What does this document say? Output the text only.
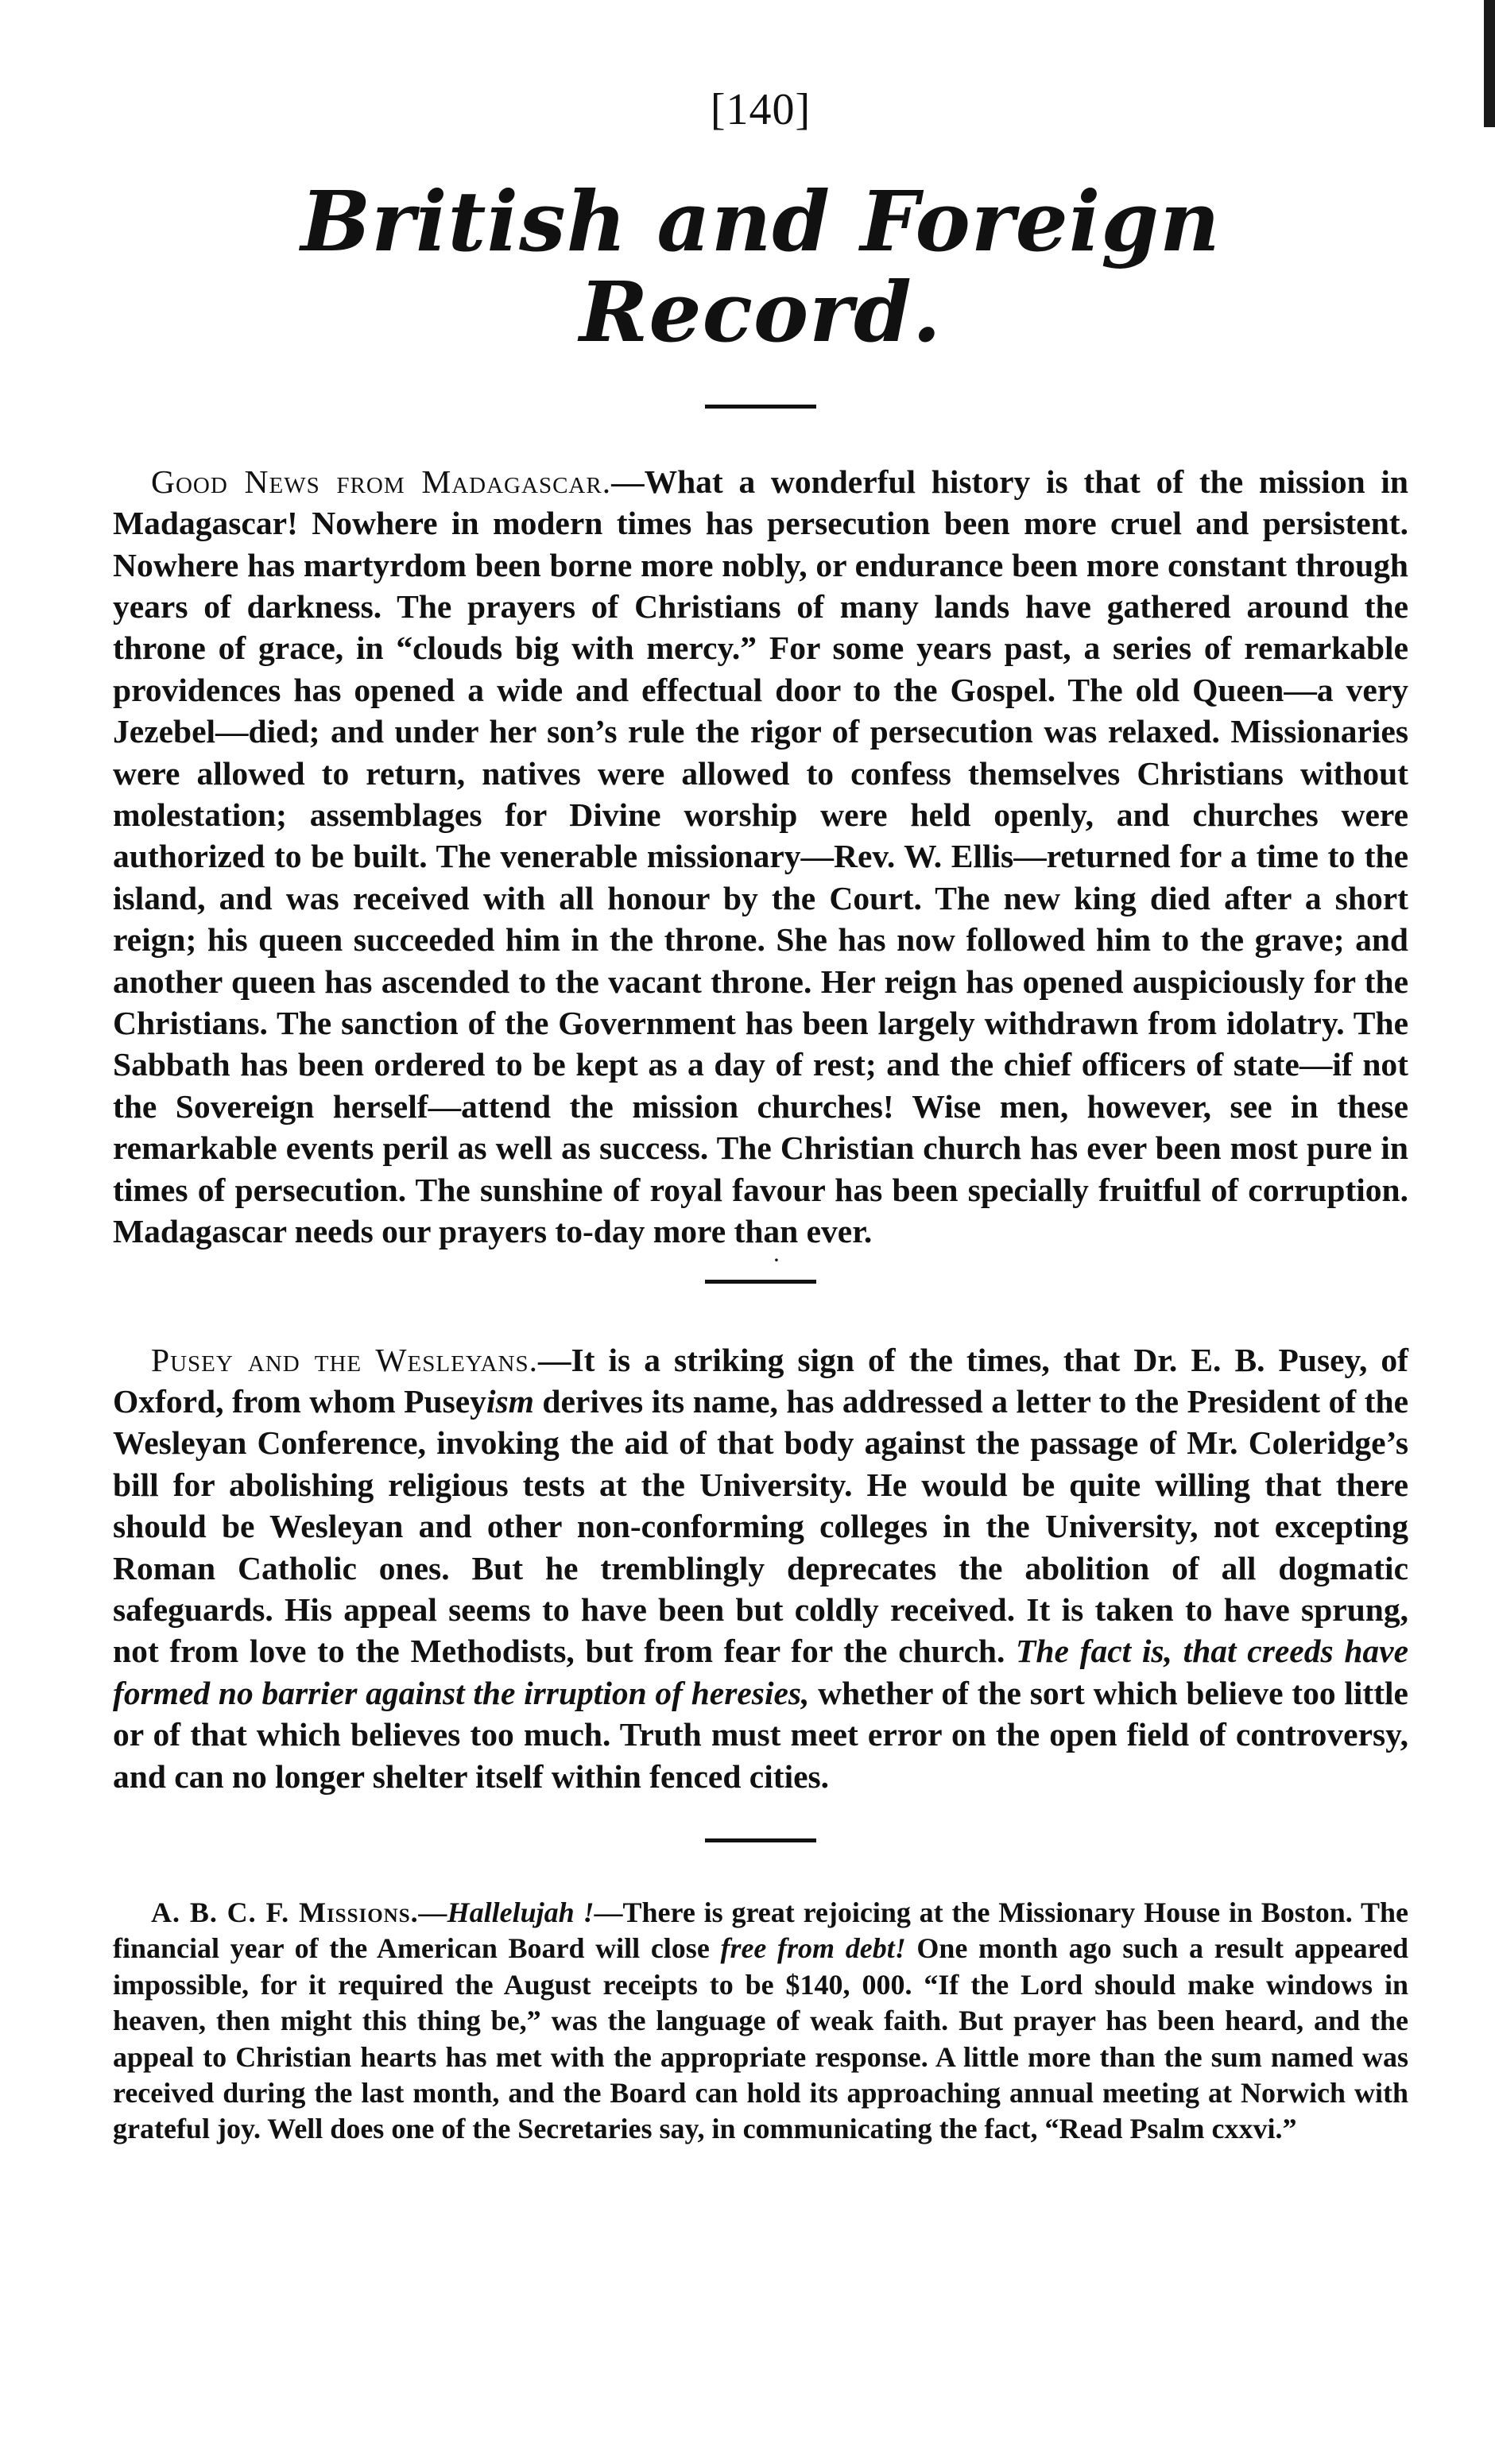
[140]

British and Foreign Record.

Good News from Madagascar.—What a wonderful history is that of the mission in Madagascar! Nowhere in modern times has persecution been more cruel and persistent. Nowhere has martyrdom been borne more nobly, or endurance been more constant through years of darkness. The prayers of Christians of many lands have gathered around the throne of grace, in “clouds big with mercy.” For some years past, a series of remarkable providences has opened a wide and effectual door to the Gospel. The old Queen—a very Jezebel—died; and under her son’s rule the rigor of persecution was relaxed. Missionaries were allowed to return, natives were allowed to confess themselves Christians without molestation; assemblages for Divine worship were held openly, and churches were authorized to be built. The venerable missionary—Rev. W. Ellis—returned for a time to the island, and was received with all honour by the Court. The new king died after a short reign; his queen succeeded him in the throne. She has now followed him to the grave; and another queen has ascended to the vacant throne. Her reign has opened auspiciously for the Christians. The sanction of the Government has been largely withdrawn from idolatry. The Sabbath has been ordered to be kept as a day of rest; and the chief officers of state—if not the Sovereign herself—attend the mission churches! Wise men, however, see in these remarkable events peril as well as success. The Christian church has ever been most pure in times of persecution. The sunshine of royal favour has been specially fruitful of corruption. Madagascar needs our prayers to-day more than ever.

·

Pusey and the Wesleyans.—It is a striking sign of the times, that Dr. E. B. Pusey, of Oxford, from whom Puseyism derives its name, has addressed a letter to the President of the Wesleyan Conference, invoking the aid of that body against the passage of Mr. Coleridge’s bill for abolishing religious tests at the University. He would be quite willing that there should be Wesleyan and other non-conforming colleges in the University, not excepting Roman Catholic ones. But he tremblingly deprecates the abolition of all dogmatic safeguards. His appeal seems to have been but coldly received. It is taken to have sprung, not from love to the Methodists, but from fear for the church. The fact is, that creeds have formed no barrier against the irruption of heresies, whether of the sort which believe too little or of that which believes too much. Truth must meet error on the open field of controversy, and can no longer shelter itself within fenced cities.

A. B. C. F. Missions.—Hallelujah !—There is great rejoicing at the Missionary House in Boston. The financial year of the American Board will close free from debt! One month ago such a result appeared impossible, for it required the August receipts to be $140, 000. “If the Lord should make windows in heaven, then might this thing be,” was the language of weak faith. But prayer has been heard, and the appeal to Christian hearts has met with the appropriate response. A little more than the sum named was received during the last month, and the Board can hold its approaching annual meeting at Norwich with grateful joy. Well does one of the Secretaries say, in communicating the fact, “Read Psalm cxxvi.”
